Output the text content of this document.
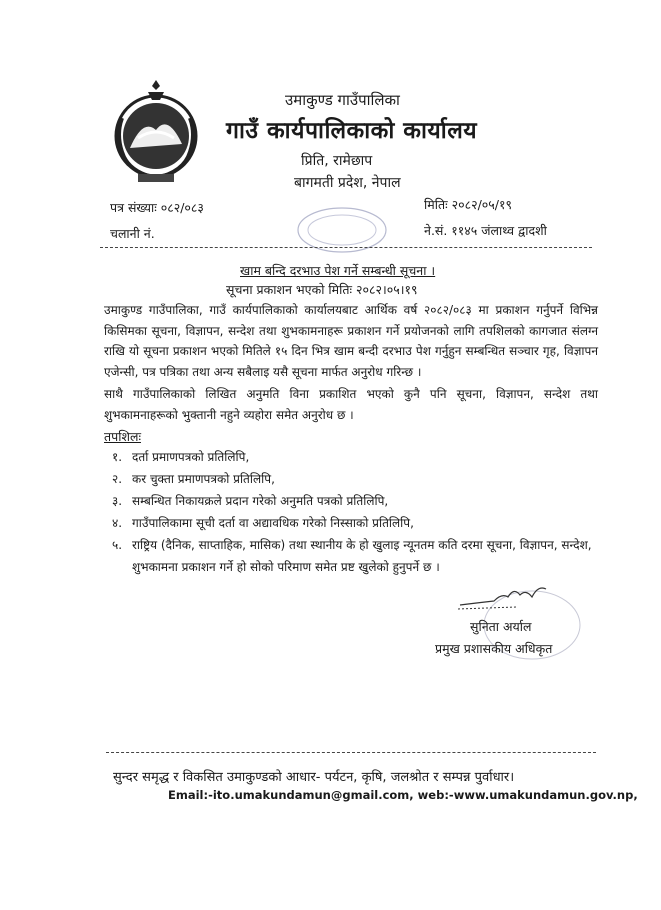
उमाकुण्ड गाउँपालिका
गाउँ कार्यपालिकाको कार्यालय
प्रिति, रामेछाप
बागमती प्रदेश, नेपाल
पत्र संख्याः ०८२/०८३
चलानी नं.
मितिः २०८२/०५/१९
ने.सं. ११४५ जंलाथ्व द्वादशी
खाम बन्दि दरभाउ पेश गर्ने सम्बन्धी सूचना ।
सूचना प्रकाशन भएको मितिः २०८२।०५।१९

उमाकुण्ड गाउँपालिका, गाउँ कार्यपालिकाको कार्यालयबाट आर्थिक वर्ष २०८२/०८३ मा प्रकाशन गर्नुपर्ने विभिन्न किसिमका सूचना, विज्ञापन, सन्देश तथा शुभकामनाहरू प्रकाशन गर्ने प्रयोजनको लागि तपशिलको कागजात संलग्न राखि यो सूचना प्रकाशन भएको मितिले १५ दिन भित्र खाम बन्दी दरभाउ पेश गर्नुहुन सम्बन्धित सञ्चार गृह, विज्ञापन एजेन्सी, पत्र पत्रिका तथा अन्य सबैलाइ यसै सूचना मार्फत अनुरोध गरिन्छ ।

साथै गाउँपालिकाको लिखित अनुमति विना प्रकाशित भएको कुनै पनि सूचना, विज्ञापन, सन्देश तथा शुभकामनाहरूको भुक्तानी नहुने व्यहोरा समेत अनुरोध छ ।

तपशिलः
१. दर्ता प्रमाणपत्रको प्रतिलिपि,
२. कर चुक्ता प्रमाणपत्रको प्रतिलिपि,
३. सम्बन्धित निकायक्रले प्रदान गरेको अनुमति पत्रको प्रतिलिपि,
४. गाउँपालिकामा सूची दर्ता वा अद्यावधिक गरेको निस्साको प्रतिलिपि,
५. राष्ट्रिय (दैनिक, साप्ताहिक, मासिक) तथा स्थानीय के हो खुलाइ न्यूनतम कति दरमा सूचना, विज्ञापन, सन्देश, शुभकामना प्रकाशन गर्ने हो सोको परिमाण समेत प्रष्ट खुलेको हुनुपर्ने छ ।
सुनिता अर्याल
प्रमुख प्रशासकीय अधिकृत
सुन्दर समृद्ध र विकसित उमाकुण्डको आधार- पर्यटन, कृषि, जलश्रोत र सम्पन्न पुर्वाधार।
Email:-ito.umakundamun@gmail.com, web:-www.umakundamun.gov.np,
